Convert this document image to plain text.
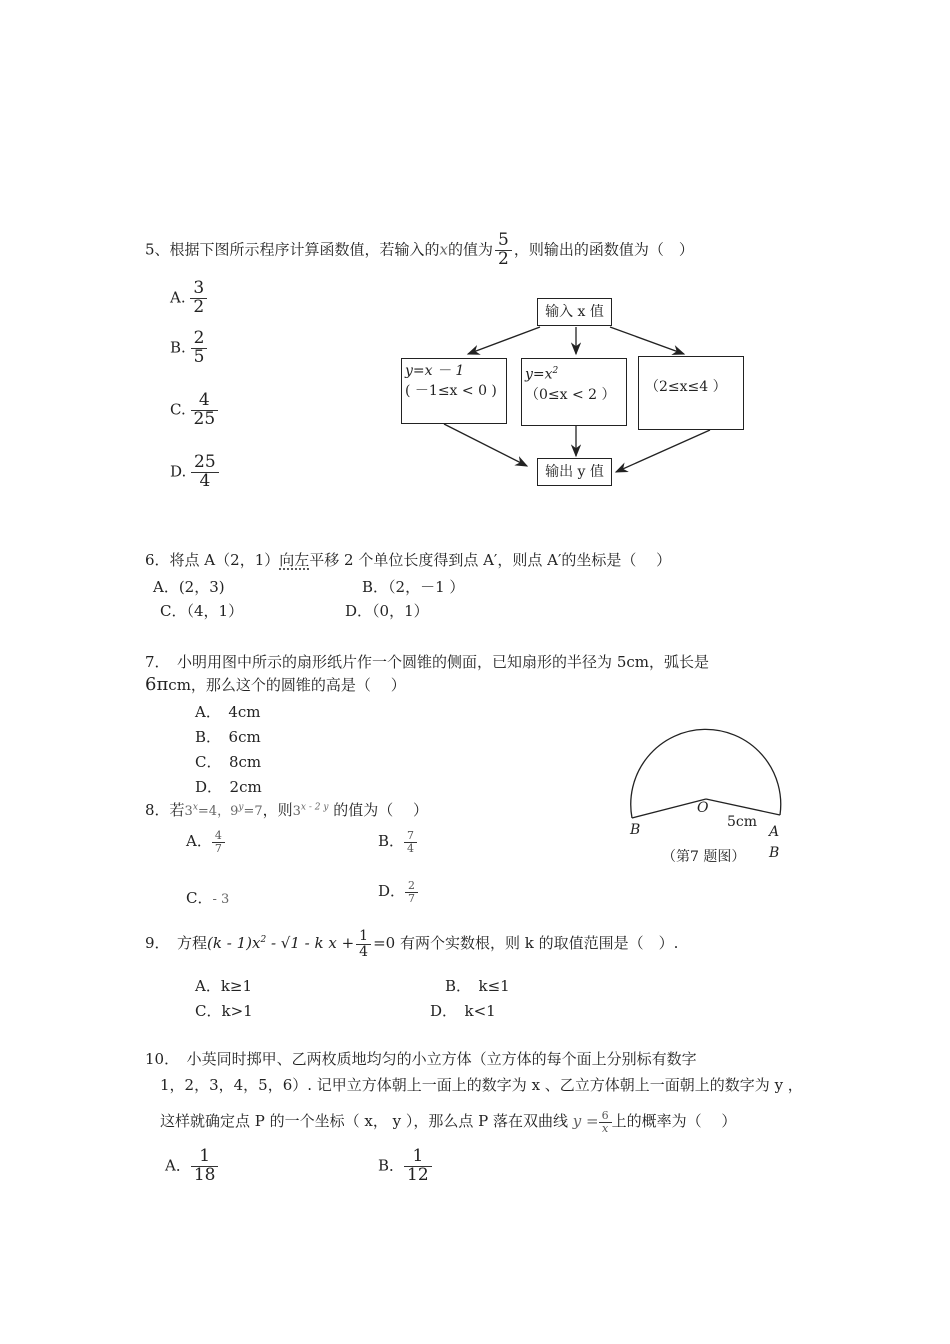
5、根据下图所示程序计算函数值，若输入的x的值为 $\frac{5}{2}$ ，则输出的函数值为（　）
A. $\frac{3}{2}$
B. $\frac{2}{5}$
C. $\frac{4}{25}$
D. $\frac{25}{4}$
输入 x 值
y=x － 1
( －1≤x < 0 )
$y=x^2$
（0≤x < 2 ）	（2≤x≤4 ）
输出 y 值
6．将点 A（2，1）向左平移 2 个单位长度得到点 A′，则点 A′的坐标是（　 ）
A．(2，3)	B．（2，－1 ）
C．（4，1）	D．（0，1）
7．　小明用图中所示的扇形纸片作一个圆锥的侧面，已知扇形的半径为 5cm，弧长是
6πcm，那么这个的圆锥的高是（　 ）
A．　4cm
B．　6cm
C．　8cm
D．　2cm
O
B	5cm
A
（第7 题图） B
8．若$3^x=4$，$9^y=7$，则$3^{x - 2 y}$ 的值为（　 ）
A． $\frac{4}{7}$	B． $\frac{7}{4}$
C．- 3	D． $\frac{2}{7}$
9．　方程$(k - 1)x^2 - √1$ - k $x + \frac{1}{4} =0$ 有两个实数根，则 k 的取值范围是（　）.
A．k≥1	B．　k≤1
C．k>1	D．　k<1
10．　小英同时掷甲、乙两枚质地均匀的小立方体（立方体的每个面上分别标有数字
1，2，3，4，5，6）. 记甲立方体朝上一面上的数字为 x 、乙立方体朝上一面朝上的数字为 y ，
这样就确定点 P 的一个坐标（ x， y ），那么点 P 落在双曲线 $y = \frac{6}{x}$ 上的概率为（　 ）
A． $\frac{1}{18}$	B． $\frac{1}{12}$
